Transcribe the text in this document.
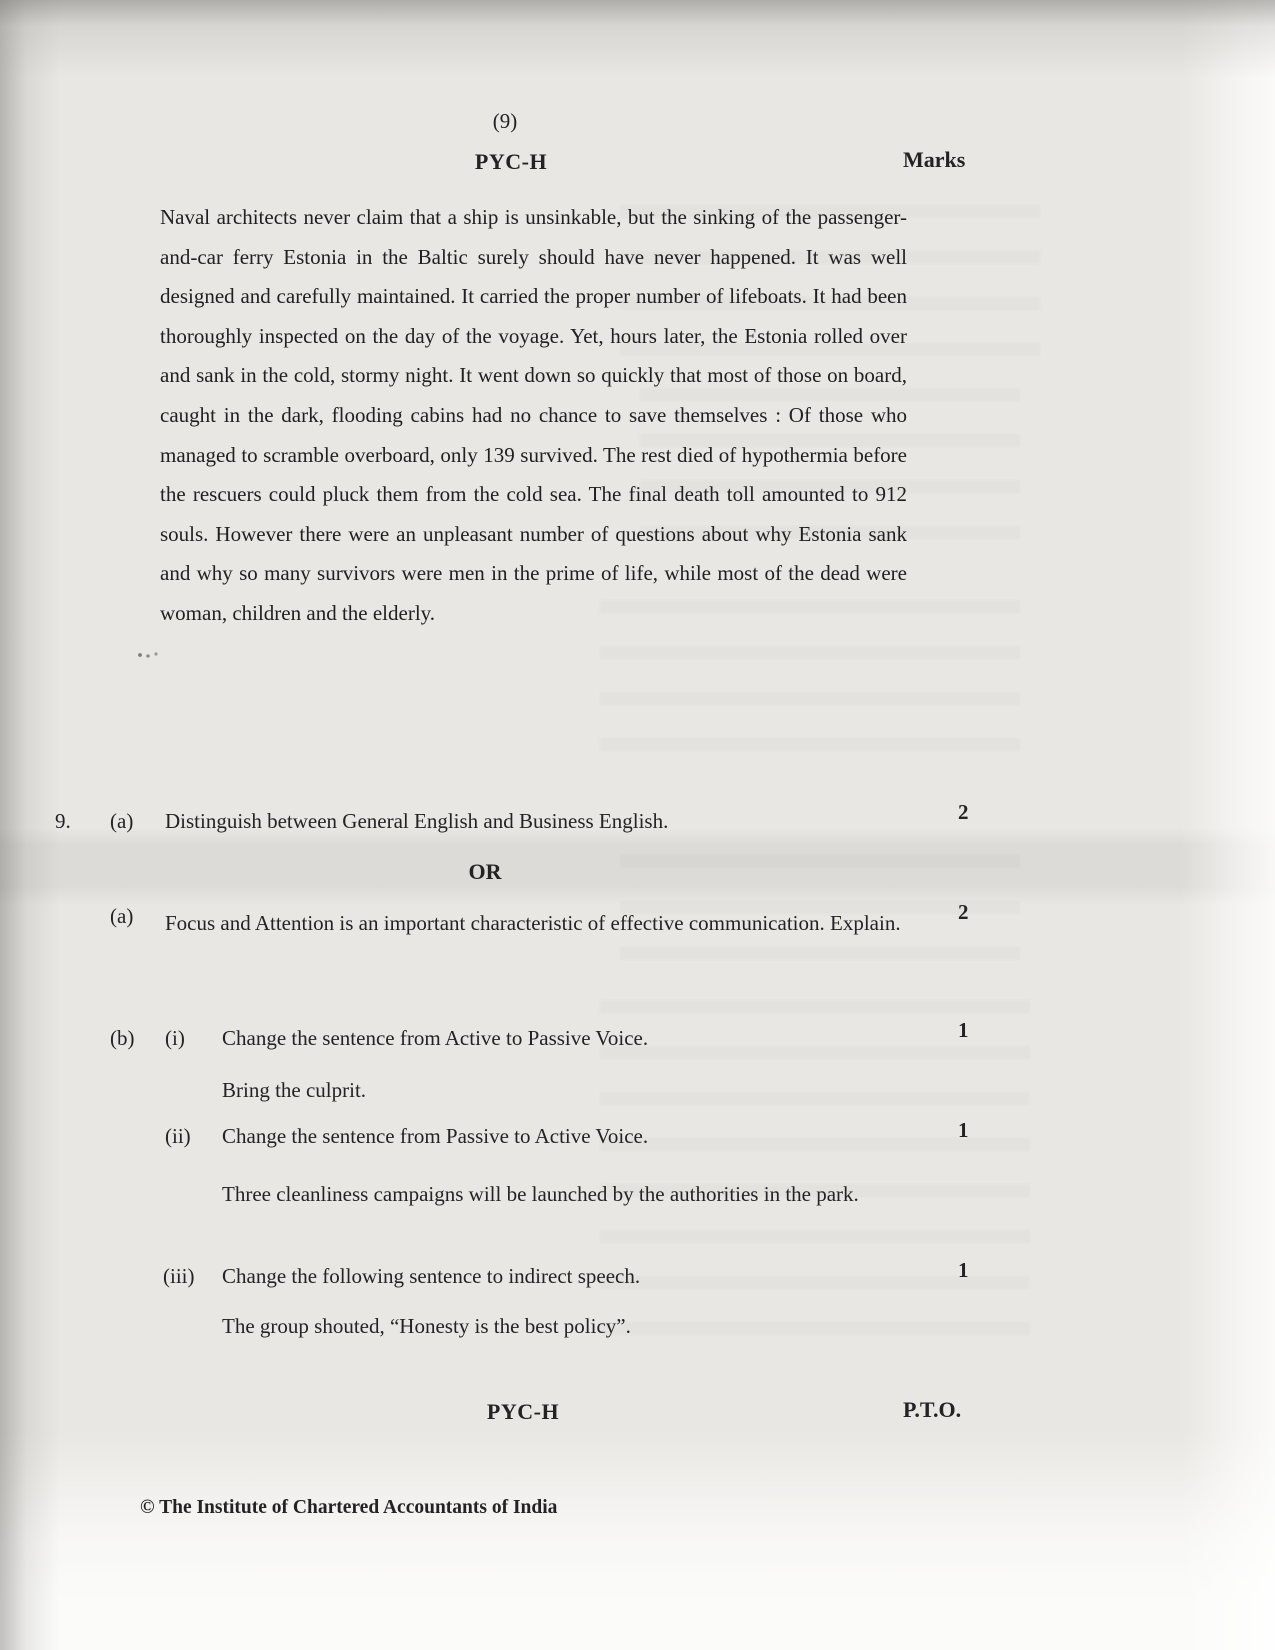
(9)
PYC-H	Marks
Naval architects never claim that a ship is unsinkable, but the sinking of the passenger-and-car ferry Estonia in the Baltic surely should have never happened. It was well designed and carefully maintained. It carried the proper number of lifeboats. It had been thoroughly inspected on the day of the voyage. Yet, hours later, the Estonia rolled over and sank in the cold, stormy night. It went down so quickly that most of those on board, caught in the dark, flooding cabins had no chance to save themselves : Of those who managed to scramble overboard, only 139 survived. The rest died of hypothermia before the rescuers could pluck them from the cold sea. The final death toll amounted to 912 souls. However there were an unpleasant number of questions about why Estonia sank and why so many survivors were men in the prime of life, while most of the dead were woman, children and the elderly.
9. (a) Distinguish between General English and Business English.	2
OR
(a) Focus and Attention is an important characteristic of effective communication. Explain.	2
(b) (i) Change the sentence from Active to Passive Voice.	1
Bring the culprit.
(ii) Change the sentence from Passive to Active Voice.	1
Three cleanliness campaigns will be launched by the authorities in the park.
(iii) Change the following sentence to indirect speech.	1
The group shouted, “Honesty is the best policy”.
PYC-H	P.T.O.
© The Institute of Chartered Accountants of India
